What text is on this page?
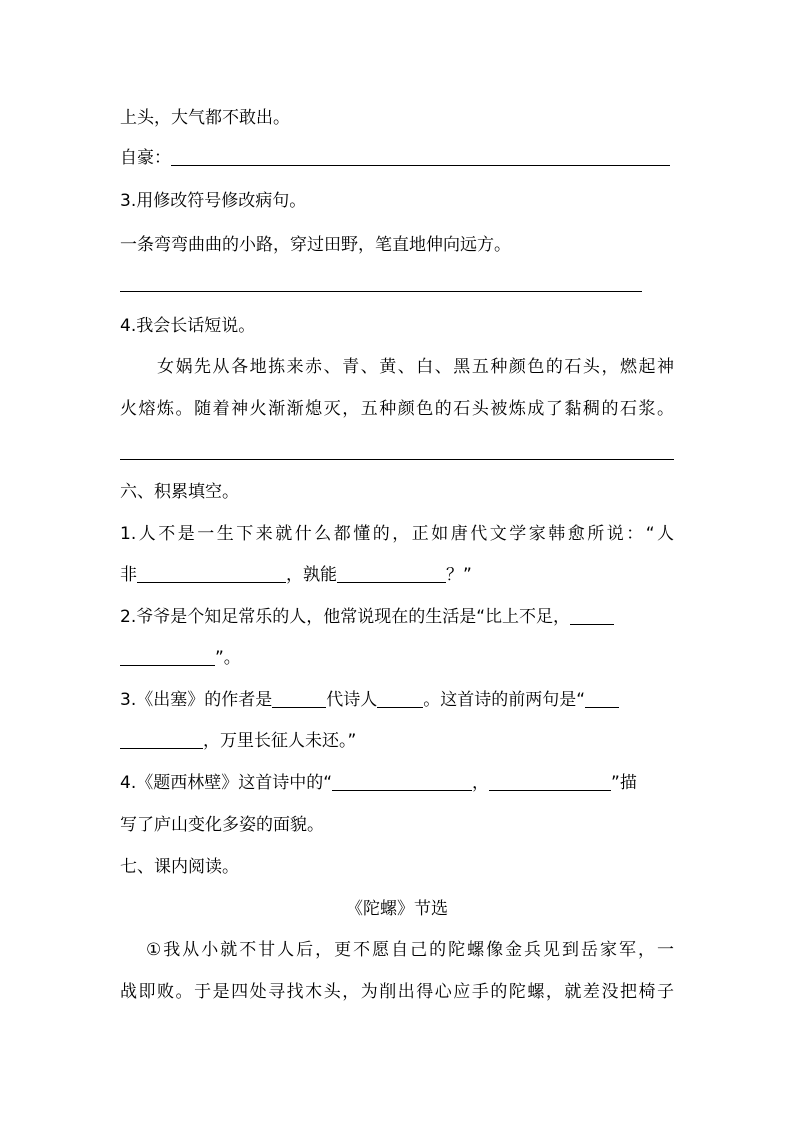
上头，大气都不敢出。
自豪：
3.用修改符号修改病句。
一条弯弯曲曲的小路，穿过田野，笔直地伸向远方。
4.我会长话短说。
女娲先从各地拣来赤、青、黄、白、黑五种颜色的石头，燃起神
火熔炼。随着神火渐渐熄灭，五种颜色的石头被炼成了黏稠的石浆。
六、积累填空。
1.人不是一生下来就什么都懂的，正如唐代文学家韩愈所说：“人
非	，孰能	？”
2.爷爷是个知足常乐的人，他常说现在的生活是“比上不足，
”。
3.《出塞》的作者是	代诗人	。这首诗的前两句是“
，万里长征人未还。”
4.《题西林壁》这首诗中的“	，	”描
写了庐山变化多姿的面貌。
七、课内阅读。
《陀螺》节选
①我从小就不甘人后，更不愿自己的陀螺像金兵见到岳家军，一
战即败。于是四处寻找木头，为削出得心应手的陀螺，就差没把椅子
